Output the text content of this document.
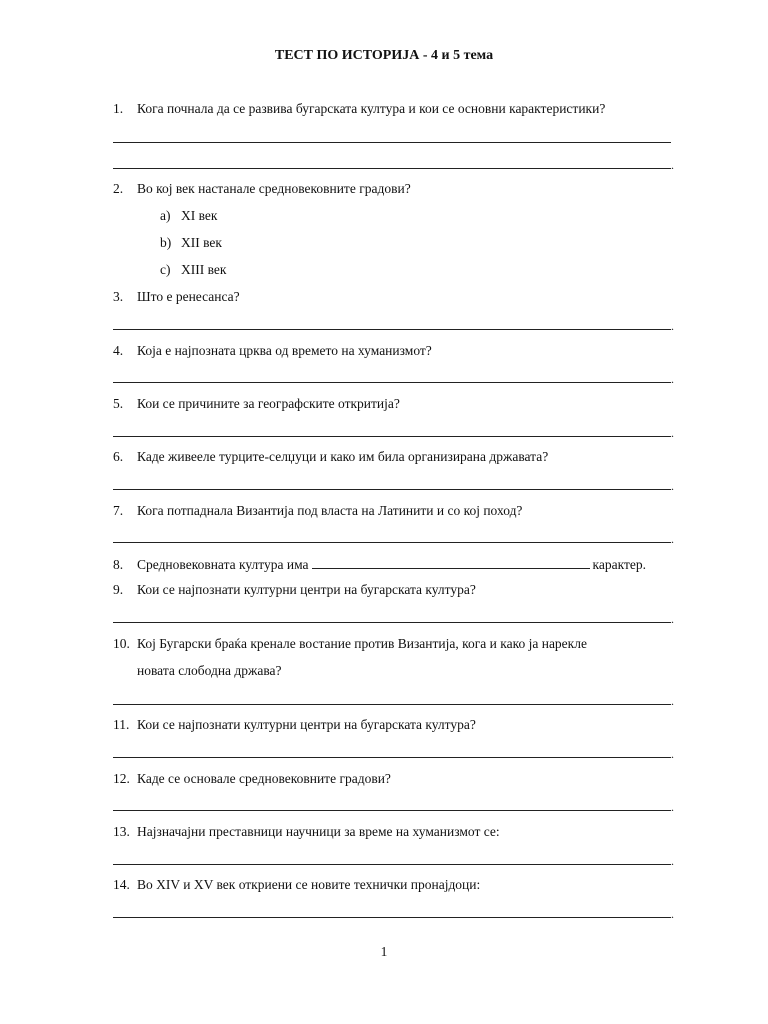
ТЕСТ ПО ИСТОРИЈА - 4 и 5 тема
1. Кога почнала да се развива бугарската култура и кои се основни карактеристики?
.
2. Во кој век настанале средновековните градови?
a) XI век
b) XII век
c) XIII век
3. Што е ренесанса?
.
4. Која е најпозната црква од времето на хуманизмот?
.
5. Кои се причините за географските откритија?
.
6. Каде живееле турците-селџуци и како им била организирана државата?
.
7. Кога потпаднала Византија под власта на Латинити и со кој поход?
.
8. Средновековната култура има	карактер.
9. Кои се најпознати културни центри на бугарската култура?
.
10. Кој Бугарски браќа кренале востание против Византија, кога и како ја нарекле
новата слободна држава?
.
11. Кои се најпознати културни центри на бугарската култура?
.
12. Каде се основале средновековните градови?
.
13. Најзначајни преставници научници за време на хуманизмот се:
.
14. Во XIV и XV век откриени се новите технички пронајдоци:
.
1
